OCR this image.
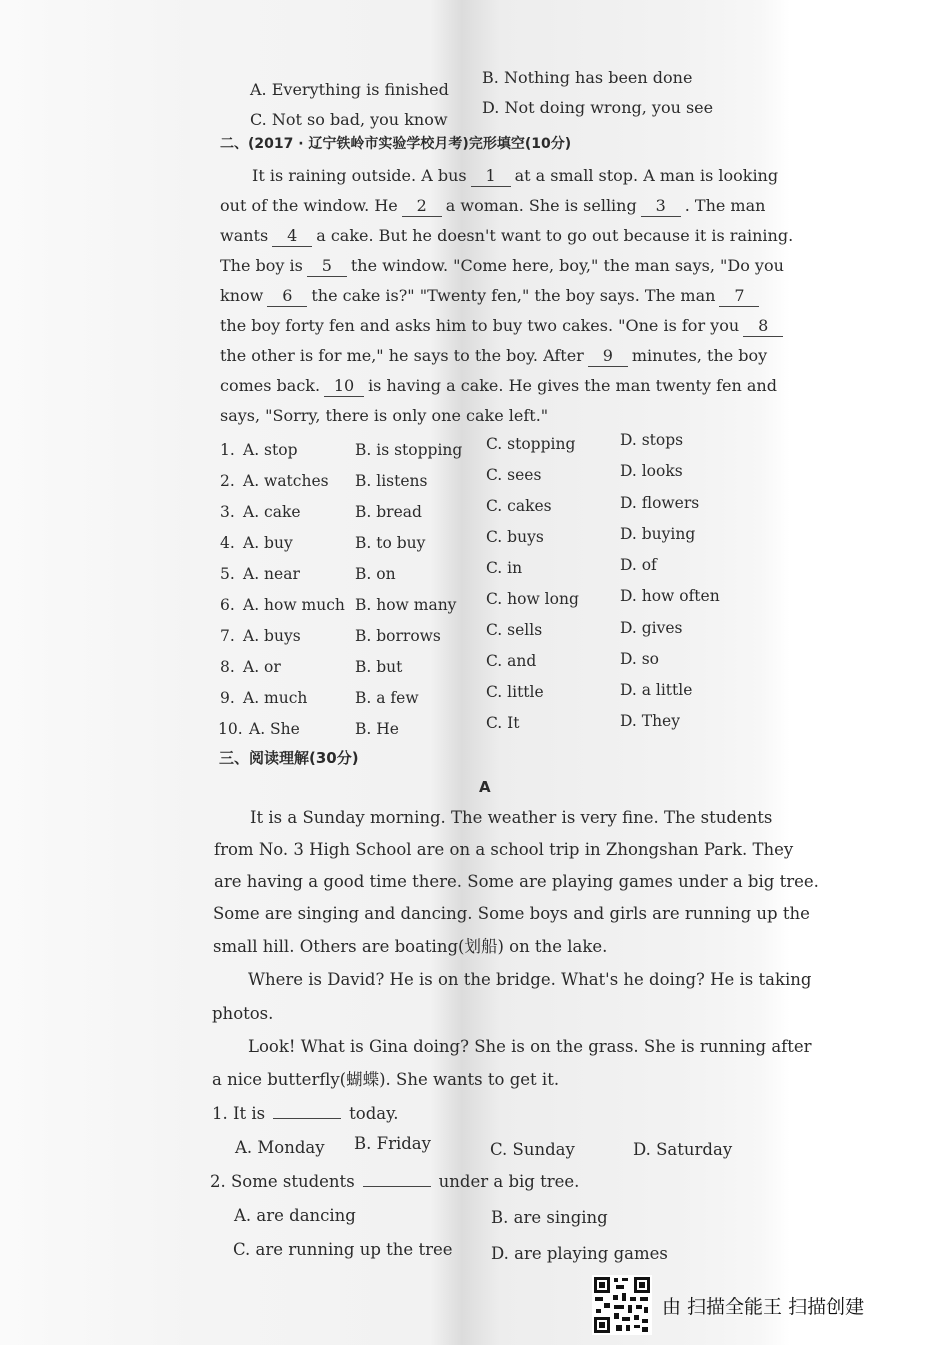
A. Everything is finished
B. Nothing has been done
C. Not so bad, you know
D. Not doing wrong, you see
二、(2017 · 辽宁铁岭市实验学校月考)完形填空(10分)
It is raining outside. A bus 1 at a small stop. A man is looking
out of the window. He 2 a woman. She is selling 3 . The man
wants 4 a cake. But he doesn't want to go out because it is raining.
The boy is 5 the window. "Come here, boy," the man says, "Do you
know 6 the cake is?" "Twenty fen," the boy says. The man 7
the boy forty fen and asks him to buy two cakes. "One is for you 8
the other is for me," he says to the boy. After 9 minutes, the boy
comes back. 10 is having a cake. He gives the man twenty fen and
says, "Sorry, there is only one cake left."
1. A. stop	B. is stopping C. stopping	D. stops
2. A. watches B. listens	C. sees	D. looks
3. A. cake	B. bread	C. cakes	D. flowers
4. A. buy	B. to buy	C. buys	D. buying
5. A. near	B. on	C. in	D. of
6. A. how much B. how many C. how long	D. how often
7. A. buys	B. borrows	C. sells	D. gives
8. A. or	B. but	C. and	D. so
9. A. much	B. a few	C. little	D. a little
10. A. She	B. He	C. It	D. They
三、阅读理解(30分)
A
It is a Sunday morning. The weather is very fine. The students
from No. 3 High School are on a school trip in Zhongshan Park. They
are having a good time there. Some are playing games under a big tree.
Some are singing and dancing. Some boys and girls are running up the
small hill. Others are boating(划船) on the lake.
Where is David? He is on the bridge. What's he doing? He is taking
photos.
Look! What is Gina doing? She is on the grass. She is running after
a nice butterfly(蝴蝶). She wants to get it.
1. It is	today.
A. Monday B. Friday	C. Sunday	D. Saturday
2. Some students	under a big tree.
A. are dancing	B. are singing
C. are running up the tree D. are playing games
由 扫描全能王 扫描创建
